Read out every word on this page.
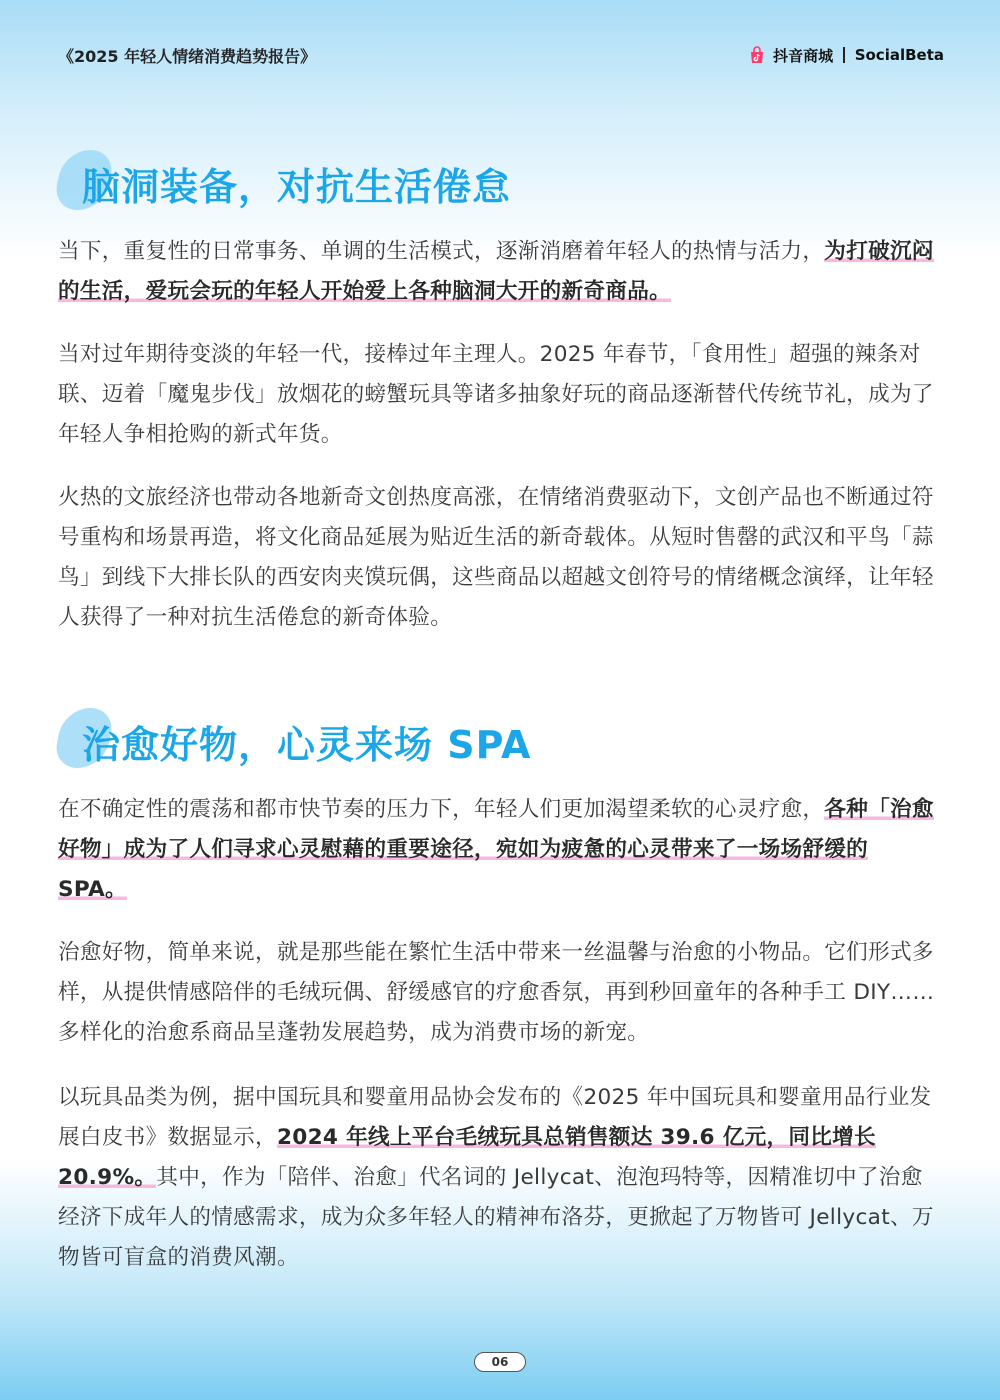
《2025 年轻人情绪消费趋势报告》	抖音商城 SocialBeta
脑洞装备，对抗生活倦怠

当下，重复性的日常事务、单调的生活模式，逐渐消磨着年轻人的热情与活力，为打破沉闷的生活，爱玩会玩的年轻人开始爱上各种脑洞大开的新奇商品。

当对过年期待变淡的年轻一代，接棒过年主理人。2025 年春节，「食用性」超强的辣条对联、迈着「魔鬼步伐」放烟花的螃蟹玩具等诸多抽象好玩的商品逐渐替代传统节礼，成为了年轻人争相抢购的新式年货。

火热的文旅经济也带动各地新奇文创热度高涨，在情绪消费驱动下，文创产品也不断通过符号重构和场景再造，将文化商品延展为贴近生活的新奇载体。从短时售罄的武汉和平鸟「蒜鸟」到线下大排长队的西安肉夹馍玩偶，这些商品以超越文创符号的情绪概念演绎，让年轻人获得了一种对抗生活倦怠的新奇体验。

治愈好物，心灵来场 SPA

在不确定性的震荡和都市快节奏的压力下，年轻人们更加渴望柔软的心灵疗愈，各种「治愈好物」成为了人们寻求心灵慰藉的重要途径，宛如为疲惫的心灵带来了一场场舒缓的 SPA。

治愈好物，简单来说，就是那些能在繁忙生活中带来一丝温馨与治愈的小物品。它们形式多样，从提供情感陪伴的毛绒玩偶、舒缓感官的疗愈香氛，再到秒回童年的各种手工 DIY……多样化的治愈系商品呈蓬勃发展趋势，成为消费市场的新宠。

以玩具品类为例，据中国玩具和婴童用品协会发布的《2025 年中国玩具和婴童用品行业发展白皮书》数据显示，2024 年线上平台毛绒玩具总销售额达 39.6 亿元，同比增长 20.9%。其中，作为「陪伴、治愈」代名词的 Jellycat、泡泡玛特等，因精准切中了治愈经济下成年人的情感需求，成为众多年轻人的精神布洛芬，更掀起了万物皆可 Jellycat、万物皆可盲盒的消费风潮。

06
